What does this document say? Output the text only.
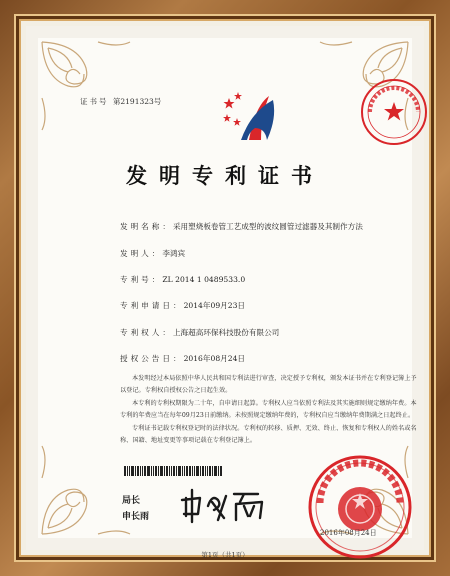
证书号 第2191323号
发明专利证书
发明名称：采用塑烧板卷管工艺成型的波纹圆管过滤器及其制作方法
发明人：李鸿宾
专利号：ZL 2014 1 0489533.0
专利申请日：2014年09月23日
专利权人：上海超高环保科技股份有限公司
授权公告日：2016年08月24日
本发明经过本局依照中华人民共和国专利法进行审查，决定授予专利权，颁发本证书并在专利登记簿上予以登记。专利权自授权公告之日起生效。
本专利的专利权期限为二十年，自申请日起算。专利权人应当依照专利法及其实施细则规定缴纳年费。本专利的年费应当在每年09月23日前缴纳。未按照规定缴纳年费的，专利权自应当缴纳年费期满之日起终止。
专利证书记载专利权登记时的法律状况。专利权的转移、质押、无效、终止、恢复和专利权人的姓名或名称、国籍、地址变更等事项记载在专利登记簿上。
局长
申长雨
2016年08月24日
第1页（共1页）
